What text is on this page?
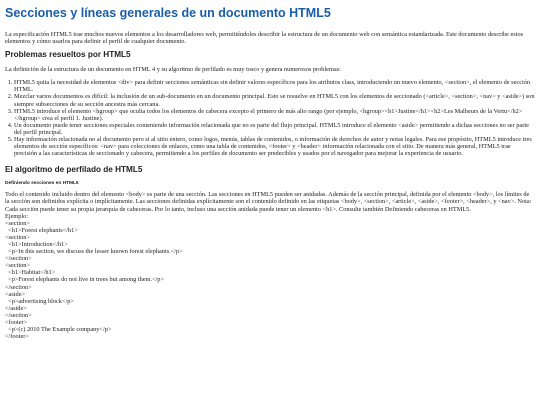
Secciones y líneas generales de un documento HTML5

La especificación HTML5 trae muchos nuevos elementos a los desarrolladores web, permitiéndoles describir la estructura de un documento web con semántica estandarizada. Este documento describe estos elementos y cómo usarlos para definir el perfil de cualquier documento.

Problemas resueltos por HTML5

La definición de la estructura de un documento en HTML 4 y su algoritmo de perfilado es muy tosco y genera numerosos problemas:

1. HTML5 quita la necesidad de elementos <div> para definir secciones semánticas sin definir valores específicos para los atributos class, introduciendo un nuevo elemento, <section>, el elemento de sección HTML.
2. Mezclar varios documentos es difícil: la inclusión de un sub-documento en un documento principal. Esto se resuelve en HTML5 con los elementos de seccionado (<article>, <section>, <nav> y <aside>) son siempre subsecciones de su sección ancestra más cercana.
3. HTML5 introduce el elemento <hgroup> que oculta todos los elementos de cabecera excepto el primero de más alto rango (por ejemplo, <hgroup><h1>Justine</h1><h2>Les Malheurs de la Vertu</h2></hgroup> crea el perfil 1. Justine).
4. Un documento puede tener secciones especiales conteniendo información relacionada que no es parte del flujo principal. HTML5 introduce el elemento <aside> permitiendo a dichas secciones no ser parte del perfil principal.
5. Hay información relacionada no al documento pero si al sitio entero, como logos, menús, tablas de contenidos, o información de derechos de autor y notas legales. Para ese propósito, HTML5 introduce tres elementos de sección específicos: <nav> para colecciones de enlaces, como una tabla de contenidos, <footer> y <header> información relacionada con el sitio. De manera más general, HTML5 trae precisión a las características de seccionado y cabecera, permitiendo a los perfiles de documento ser predecibles y usados por el navegador para mejorar la experiencia de usuario.
El algoritmo de perfilado de HTML5
Definiendo secciones en HTML5

Todo el contenido incluido dentro del elemento <body> es parte de una sección. Las secciones en HTML5 pueden ser anidadas. Además de la sección principal, definida por el elemento <body>, los límites de la sección son definidos explícita o implícitamente. Las secciones definidas explícitamente son el contenido definido en las etiquetas <body>, <section>, <article>, <aside>, <footer>, <header>, y <nav>. Nota: Cada sección puede tener su propia jerarquía de cabeceras. Por lo tanto, incluso una sección anidada puede tener un elemento <h1>. Consulte también Definiendo cabeceras en HTML5.

Ejemplo:

<section>
<h1>Forest elephants</h1>
<section>
<h1>Introduction</h1>
<p>In this section, we discuss the lesser known forest elephants.</p>
</section>
<section>
<h1>Habitat</h1>
<p>Forest elephants do not live in trees but among them.</p>
</section>
<aside>
<p>advertising block</p>
</aside>
</section>
<footer>
<p>(c) 2010 The Example company</p>
</footer>
